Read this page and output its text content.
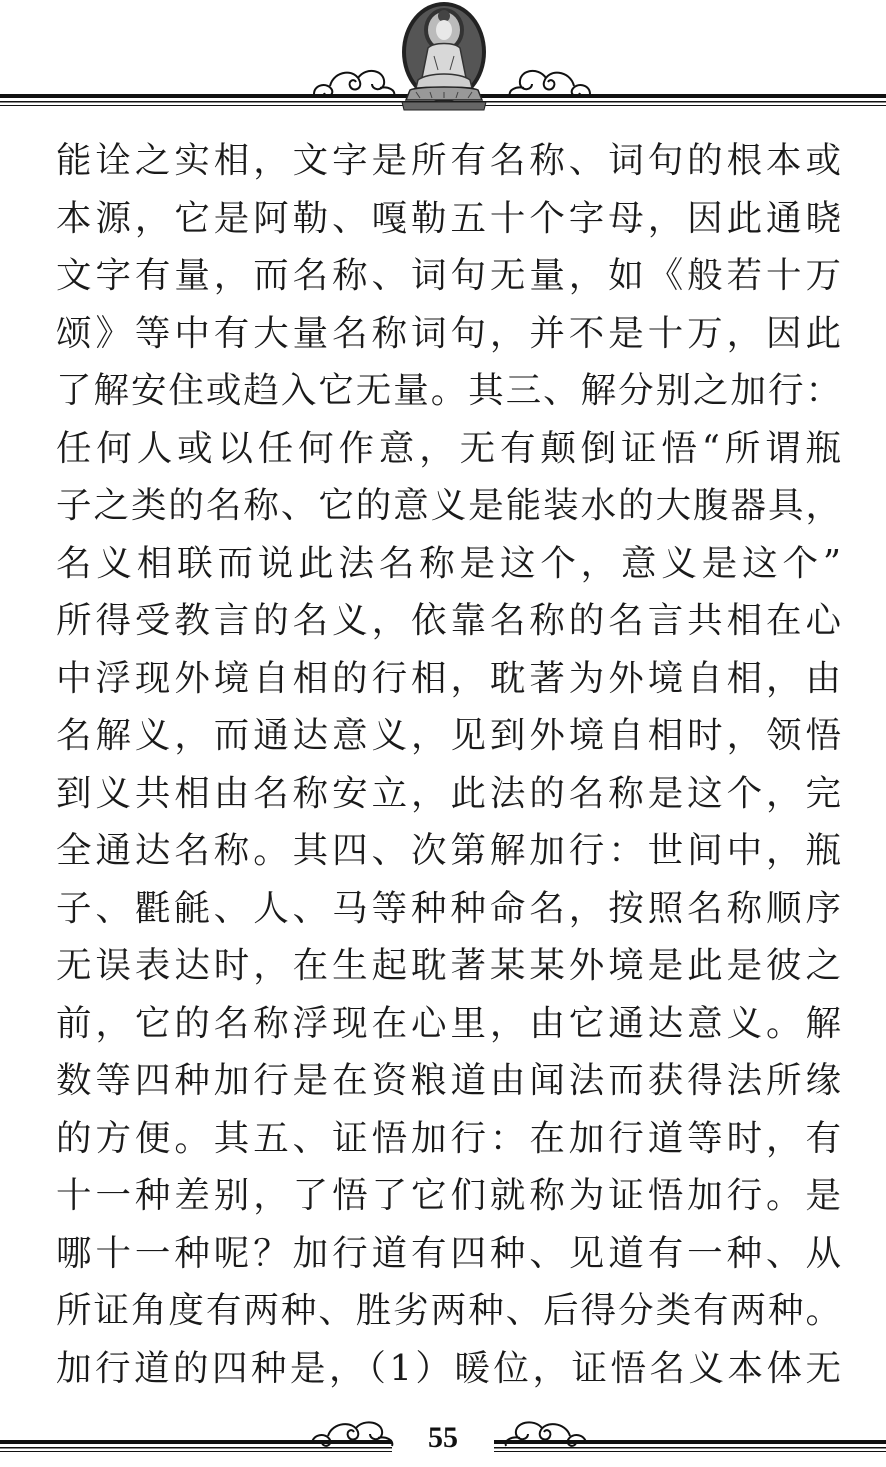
能诠之实相，文字是所有名称、词句的根本或
本源，它是阿勒、嘎勒五十个字母，因此通晓
文字有量，而名称、词句无量，如《般若十万
颂》等中有大量名称词句，并不是十万，因此
了解安住或趋入它无量。其三、解分别之加行：
任何人或以任何作意，无有颠倒证悟“所谓瓶
子之类的名称、它的意义是能装水的大腹器具，
名义相联而说此法名称是这个，意义是这个”
所得受教言的名义，依靠名称的名言共相在心
中浮现外境自相的行相，耽著为外境自相，由
名解义，而通达意义，见到外境自相时，领悟
到义共相由名称安立，此法的名称是这个，完
全通达名称。其四、次第解加行：世间中，瓶
子、氍毹、人、马等种种命名，按照名称顺序
无误表达时，在生起耽著某某外境是此是彼之
前，它的名称浮现在心里，由它通达意义。解
数等四种加行是在资粮道由闻法而获得法所缘
的方便。其五、证悟加行：在加行道等时，有
十一种差别，了悟了它们就称为证悟加行。是
哪十一种呢？加行道有四种、见道有一种、从
所证角度有两种、胜劣两种、后得分类有两种。
加行道的四种是，（1）暖位，证悟名义本体无
55
